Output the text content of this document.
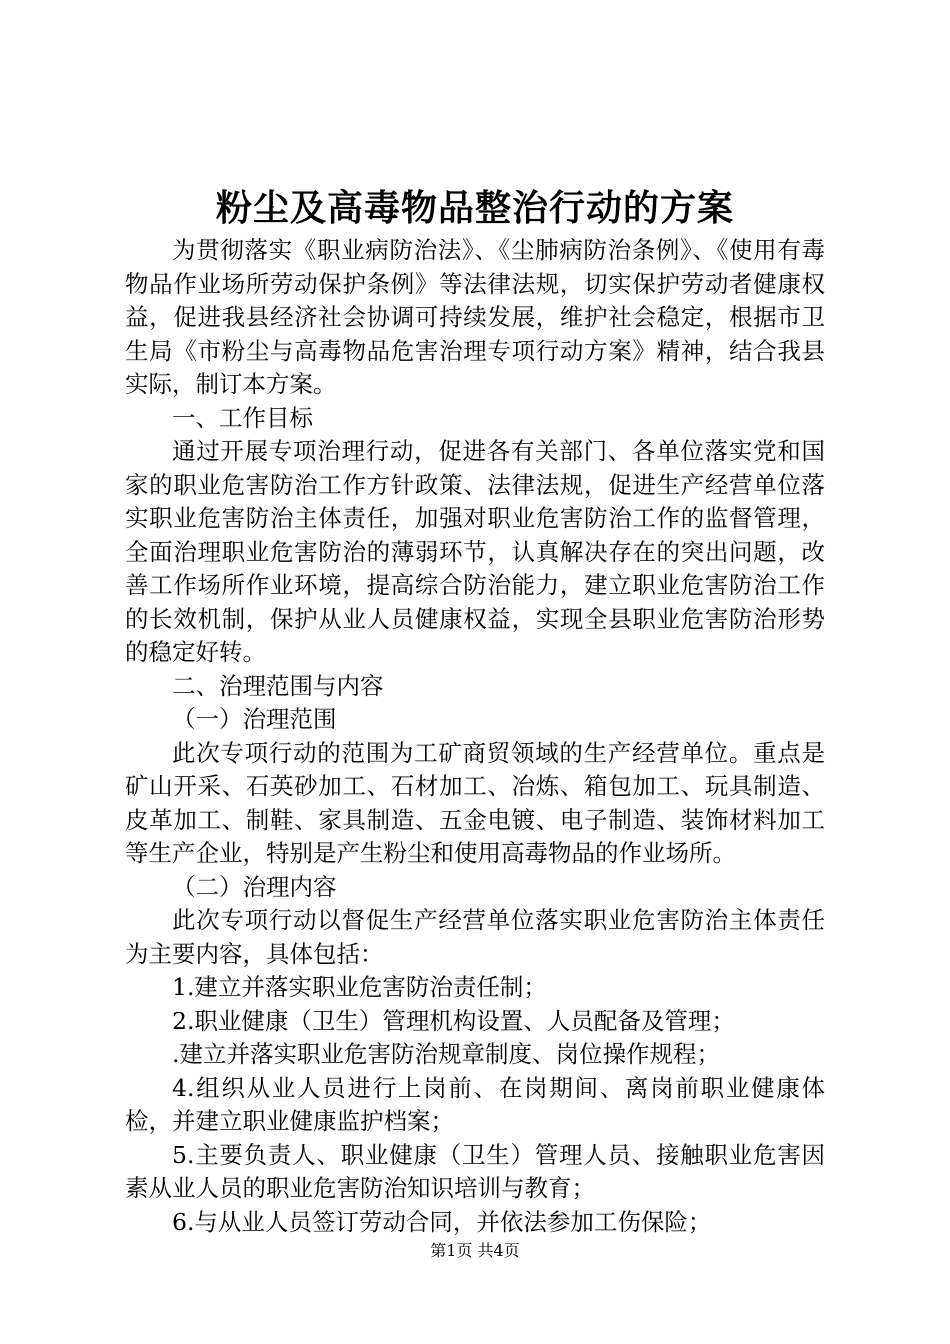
粉尘及高毒物品整治行动的方案

为贯彻落实《职业病防治法》、《尘肺病防治条例》、《使用有毒物品作业场所劳动保护条例》等法律法规，切实保护劳动者健康权益，促进我县经济社会协调可持续发展，维护社会稳定，根据市卫生局《市粉尘与高毒物品危害治理专项行动方案》精神，结合我县实际，制订本方案。

一、工作目标

通过开展专项治理行动，促进各有关部门、各单位落实党和国家的职业危害防治工作方针政策、法律法规，促进生产经营单位落实职业危害防治主体责任，加强对职业危害防治工作的监督管理，全面治理职业危害防治的薄弱环节，认真解决存在的突出问题，改善工作场所作业环境，提高综合防治能力，建立职业危害防治工作的长效机制，保护从业人员健康权益，实现全县职业危害防治形势的稳定好转。

二、治理范围与内容

（一）治理范围

此次专项行动的范围为工矿商贸领域的生产经营单位。重点是矿山开采、石英砂加工、石材加工、冶炼、箱包加工、玩具制造、皮革加工、制鞋、家具制造、五金电镀、电子制造、装饰材料加工等生产企业，特别是产生粉尘和使用高毒物品的作业场所。

（二）治理内容

此次专项行动以督促生产经营单位落实职业危害防治主体责任为主要内容，具体包括：

1.建立并落实职业危害防治责任制；

2.职业健康（卫生）管理机构设置、人员配备及管理；

.建立并落实职业危害防治规章制度、岗位操作规程；

4.组织从业人员进行上岗前、在岗期间、离岗前职业健康体检，并建立职业健康监护档案；

5.主要负责人、职业健康（卫生）管理人员、接触职业危害因素从业人员的职业危害防治知识培训与教育；

6.与从业人员签订劳动合同，并依法参加工伤保险；

第1页 共4页
